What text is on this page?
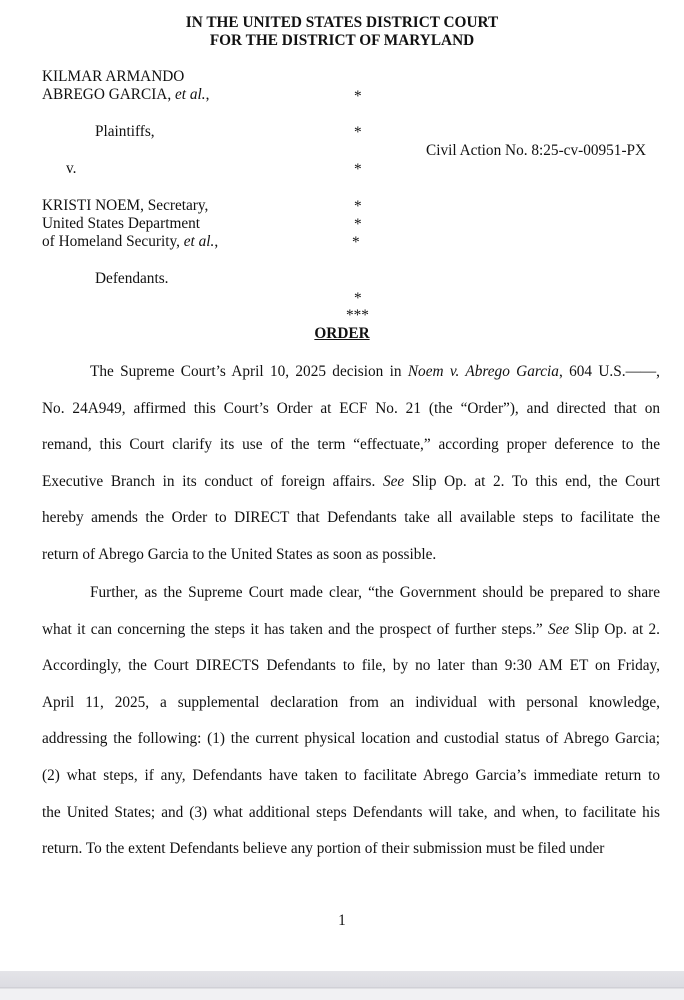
IN THE UNITED STATES DISTRICT COURT
FOR THE DISTRICT OF MARYLAND
KILMAR ARMANDO
ABREGO GARCIA, et al.,
Plaintiffs,
v.
KRISTI NOEM, Secretary,
United States Department
of Homeland Security, et al.,
Defendants.
*
*
*
*
*
*
*
***
Civil Action No. 8:25-cv-00951-PX
ORDER
The Supreme Court’s April 10, 2025 decision in Noem v. Abrego Garcia, 604 U.S.——,
No. 24A949, affirmed this Court’s Order at ECF No. 21 (the “Order”), and directed that on
remand, this Court clarify its use of the term “effectuate,” according proper deference to the
Executive Branch in its conduct of foreign affairs. See Slip Op. at 2. To this end, the Court
hereby amends the Order to DIRECT that Defendants take all available steps to facilitate the
return of Abrego Garcia to the United States as soon as possible.
Further, as the Supreme Court made clear, “the Government should be prepared to share
what it can concerning the steps it has taken and the prospect of further steps.” See Slip Op. at 2.
Accordingly, the Court DIRECTS Defendants to file, by no later than 9:30 AM ET on Friday,
April 11, 2025, a supplemental declaration from an individual with personal knowledge,
addressing the following: (1) the current physical location and custodial status of Abrego Garcia;
(2) what steps, if any, Defendants have taken to facilitate Abrego Garcia’s immediate return to
the United States; and (3) what additional steps Defendants will take, and when, to facilitate his
return. To the extent Defendants believe any portion of their submission must be filed under
1
